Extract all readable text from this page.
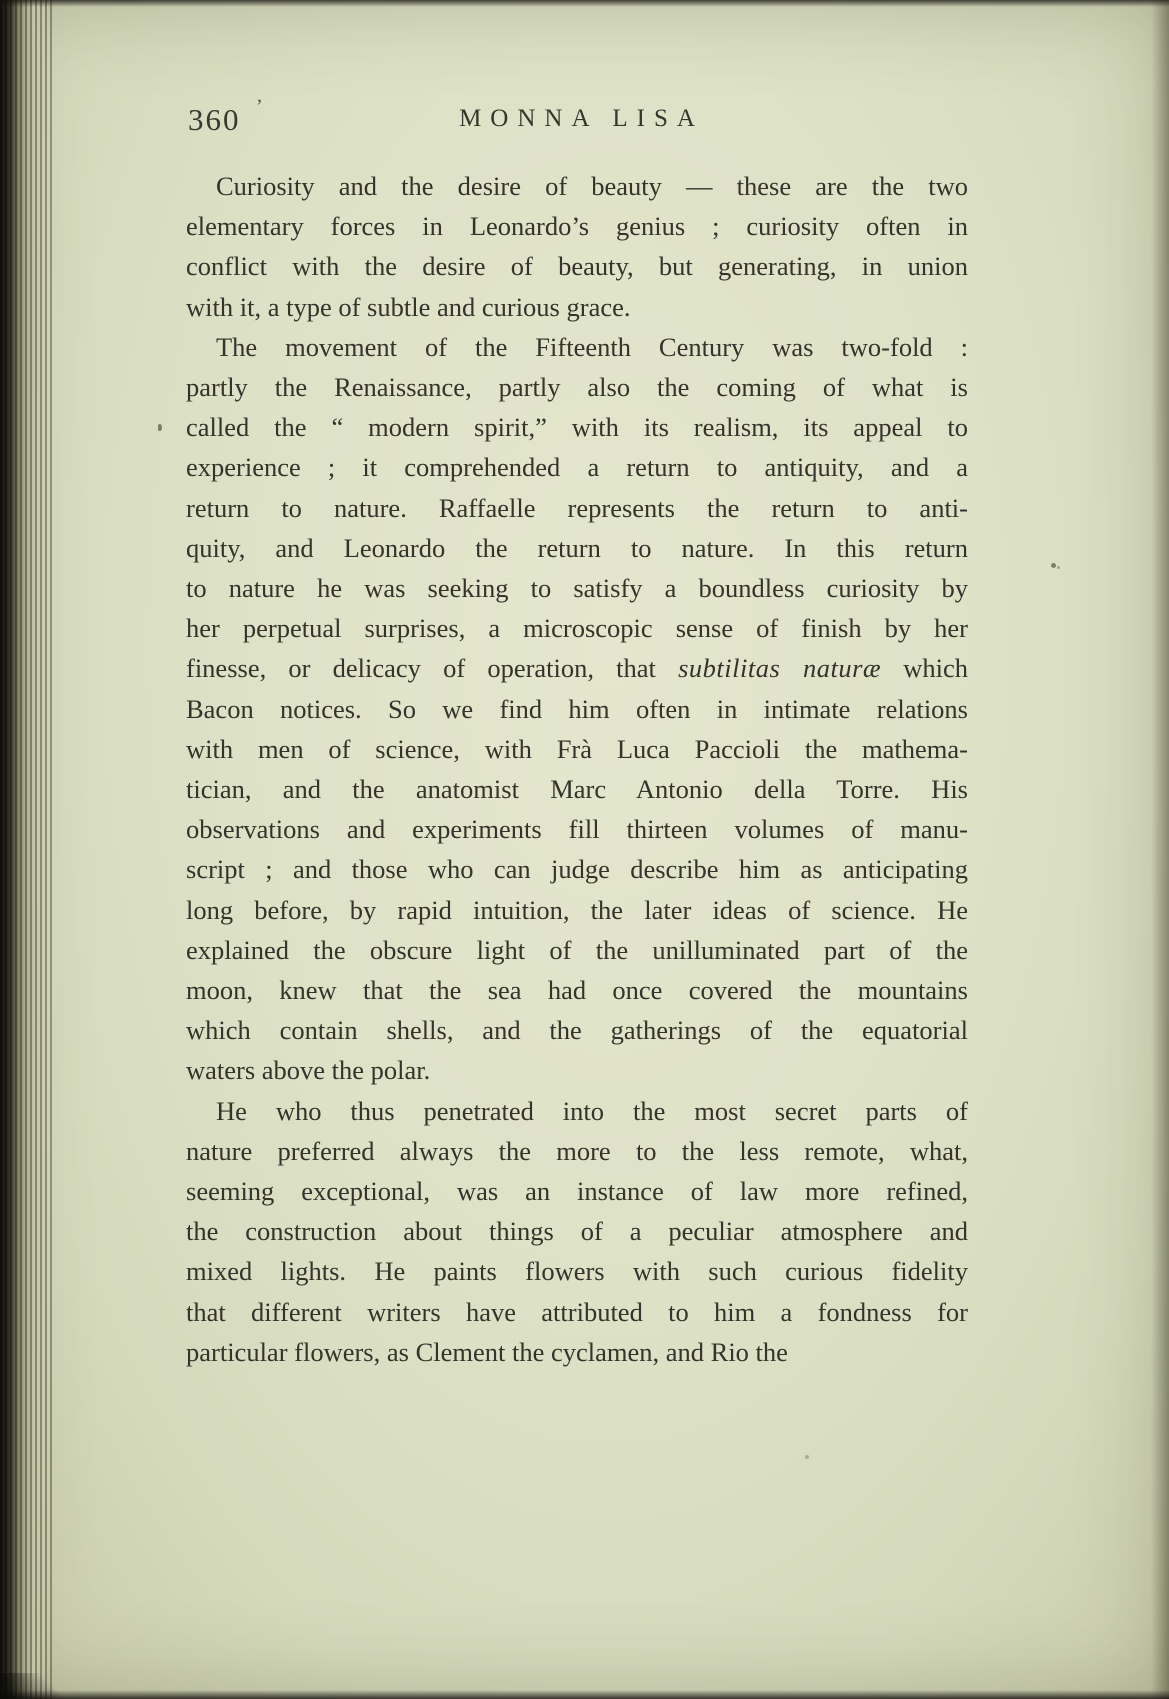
360 ʼ	MONNA LISA
Curiosity and the desire of beauty — these are the two
elementary forces in Leonardo’s genius ; curiosity often in
conflict with the desire of beauty, but generating, in union
with it, a type of subtle and curious grace.
The movement of the Fifteenth Century was two-fold :
partly the Renaissance, partly also the coming of what is
called the “ modern spirit,” with its realism, its appeal to
experience ; it comprehended a return to antiquity, and a
return to nature. Raffaelle represents the return to anti-
quity, and Leonardo the return to nature. In this return
to nature he was seeking to satisfy a boundless curiosity by
her perpetual surprises, a microscopic sense of finish by her
finesse, or delicacy of operation, that subtilitas naturæ which
Bacon notices. So we find him often in intimate relations
with men of science, with Frà Luca Paccioli the mathema-
tician, and the anatomist Marc Antonio della Torre. His
observations and experiments fill thirteen volumes of manu-
script ; and those who can judge describe him as anticipating
long before, by rapid intuition, the later ideas of science. He
explained the obscure light of the unilluminated part of the
moon, knew that the sea had once covered the mountains
which contain shells, and the gatherings of the equatorial
waters above the polar.
He who thus penetrated into the most secret parts of
nature preferred always the more to the less remote, what,
seeming exceptional, was an instance of law more refined,
the construction about things of a peculiar atmosphere and
mixed lights. He paints flowers with such curious fidelity
that different writers have attributed to him a fondness for
particular flowers, as Clement the cyclamen, and Rio the
